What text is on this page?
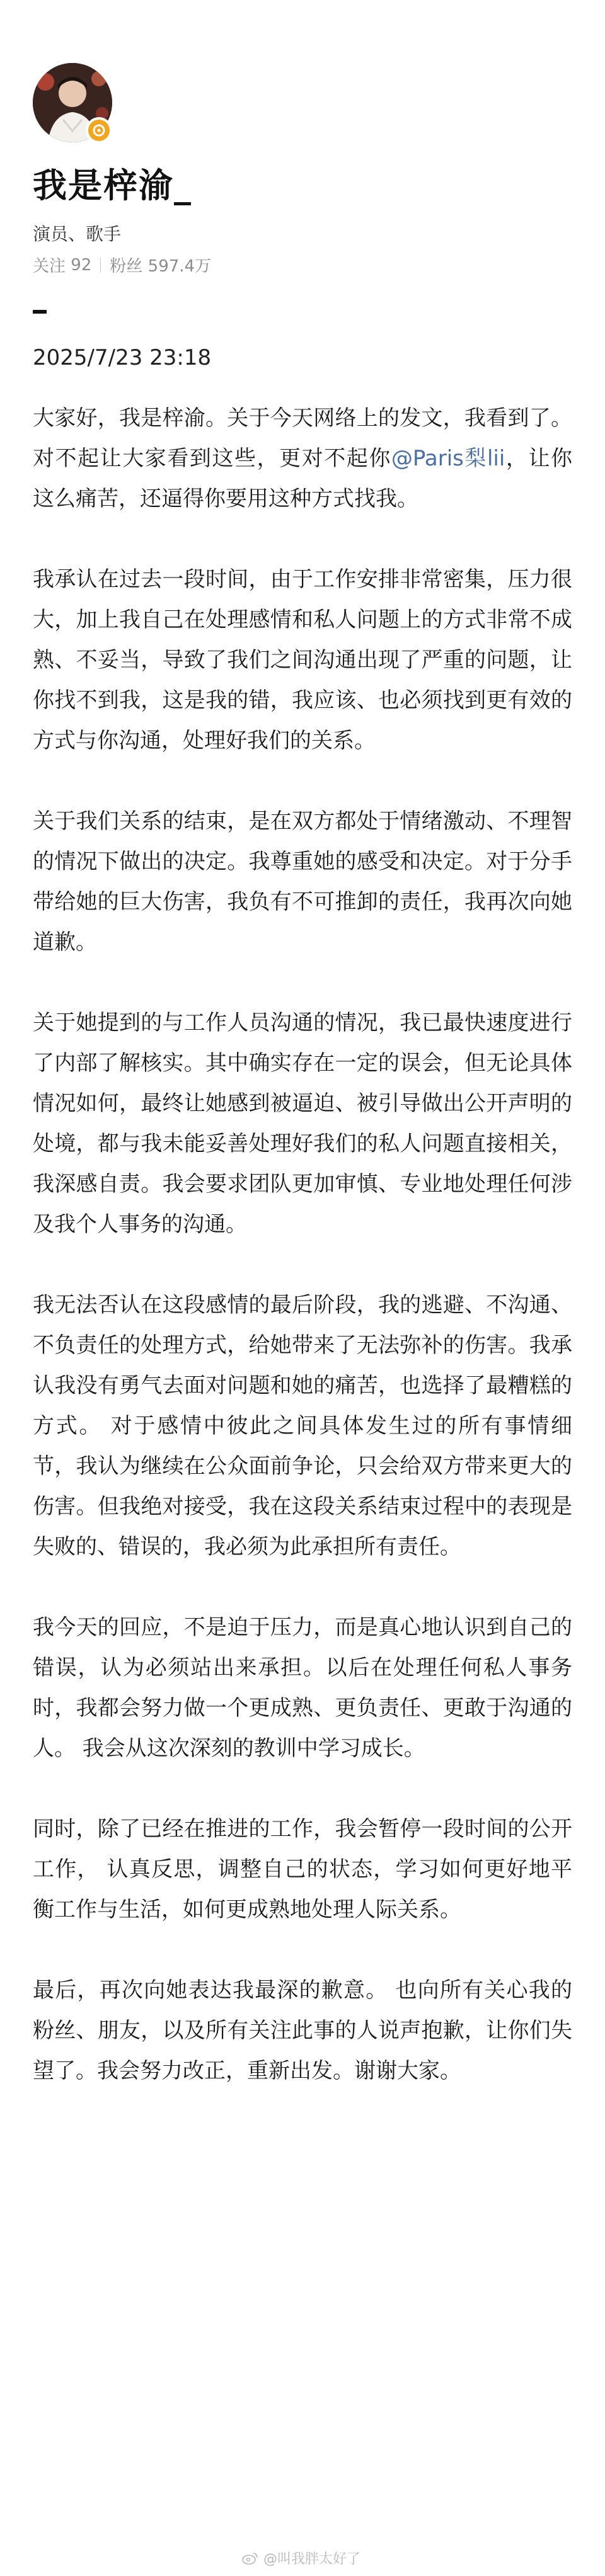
我是梓渝_
演员、歌手
关注
92 粉丝
597.4万
2025/7/23 23:18

大家好，我是梓渝。关于今天网络上的发文，我看到了。对不起让大家看到这些，更对不起你@Paris梨lii，让你这么痛苦，还逼得你要用这种方式找我。

我承认在过去一段时间，由于工作安排非常密集，压力很大，加上我自己在处理感情和私人问题上的方式非常不成熟、不妥当，导致了我们之间沟通出现了严重的问题，让你找不到我，这是我的错，我应该、也必须找到更有效的方式与你沟通，处理好我们的关系。

关于我们关系的结束，是在双方都处于情绪激动、不理智的情况下做出的决定。我尊重她的感受和决定。对于分手带给她的巨大伤害，我负有不可推卸的责任，我再次向她道歉。

关于她提到的与工作人员沟通的情况，我已最快速度进行了内部了解核实。其中确实存在一定的误会，但无论具体情况如何，最终让她感到被逼迫、被引导做出公开声明的处境，都与我未能妥善处理好我们的私人问题直接相关，我深感自责。我会要求团队更加审慎、专业地处理任何涉及我个人事务的沟通。

我无法否认在这段感情的最后阶段，我的逃避、不沟通、不负责任的处理方式，给她带来了无法弥补的伤害。我承认我没有勇气去面对问题和她的痛苦，也选择了最糟糕的方式。 对于感情中彼此之间具体发生过的所有事情细节，我认为继续在公众面前争论，只会给双方带来更大的伤害。但我绝对接受，我在这段关系结束过程中的表现是失败的、错误的，我必须为此承担所有责任。

我今天的回应，不是迫于压力，而是真心地认识到自己的错误，认为必须站出来承担。以后在处理任何私人事务时，我都会努力做一个更成熟、更负责任、更敢于沟通的人。 我会从这次深刻的教训中学习成长。

同时，除了已经在推进的工作，我会暂停一段时间的公开工作， 认真反思，调整自己的状态，学习如何更好地平衡工作与生活，如何更成熟地处理人际关系。

最后，再次向她表达我最深的歉意。 也向所有关心我的粉丝、朋友，以及所有关注此事的人说声抱歉，让你们失望了。我会努力改正，重新出发。谢谢大家。

@叫我胖太好了
